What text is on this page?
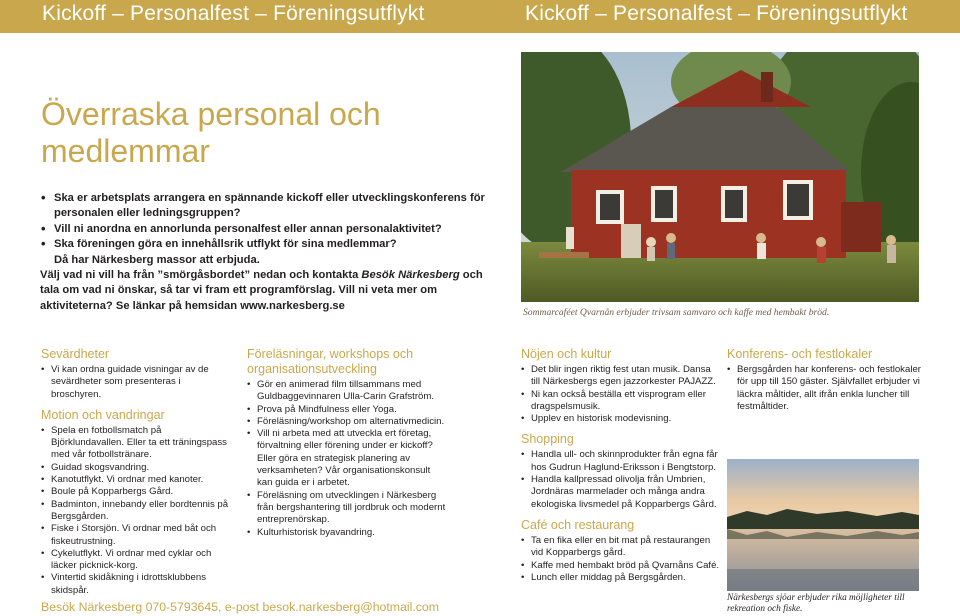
Kickoff – Personalfest – Föreningsutflykt	Kickoff – Personalfest – Föreningsutflykt
Överraska personal och medlemmar
• Ska er arbetsplats arrangera en spännande kickoff eller utvecklingskonferens för personalen eller ledningsgruppen?
• Vill ni anordna en annorlunda personalfest eller annan personalaktivitet?
• Ska föreningen göra en innehållsrik utflykt för sina medlemmar?
Då har Närkesberg massor att erbjuda.
Välj vad ni vill ha från ”smörgåsbordet” nedan och kontakta Besök Närkesberg och tala om vad ni önskar, så tar vi fram ett programförslag. Vill ni veta mer om aktiviteterna? Se länkar på hemsidan www.narkesberg.se
Sommarcaféet Qvarnån erbjuder trivsam samvaro och kaffe med hembakt bröd.
Sevärdheter
• Vi kan ordna guidade visningar av de sevärdheter som presenteras i broschyren.
Motion och vandringar
• Spela en fotbollsmatch på Björklundavallen. Eller ta ett träningspass med vår fotbollstränare.
• Guidad skogsvandring.
• Kanotutflykt. Vi ordnar med kanoter.
• Boule på Kopparbergs Gård.
• Badminton, innebandy eller bordtennis på Bergsgården.
• Fiske i Storsjön. Vi ordnar med båt och fiskeutrustning.
• Cykelutflykt. Vi ordnar med cyklar och läcker picknick-korg.
• Vintertid skidåkning i idrottsklubbens skidspår.
Föreläsningar, workshops och organisationsutveckling
• Gör en animerad film tillsammans med Guldbaggevinnaren Ulla-Carin Grafström.
• Prova på Mindfulness eller Yoga.
• Föreläsning/workshop om alternativmedicin.
• Vill ni arbeta med att utveckla ert företag, förvaltning eller förening under er kickoff? Eller göra en strategisk planering av verksamheten? Vår organisationskonsult kan guida er i arbetet.
• Föreläsning om utvecklingen i Närkesberg från bergshantering till jordbruk och modernt entreprenörskap.
• Kulturhistorisk byavandring.
Nöjen och kultur
• Det blir ingen riktig fest utan musik. Dansa till Närkesbergs egen jazzorkester PAJAZZ.
• Ni kan också beställa ett visprogram eller dragspelsmusik.
• Upplev en historisk modevisning.
Shopping
• Handla ull- och skinnprodukter från egna får hos Gudrun Haglund-Eriksson i Bengtstorp.
• Handla kallpressad olivolja från Umbrien, Jordnäras marmelader och många andra ekologiska livsmedel på Kopparbergs Gård.
Café och restaurang
• Ta en fika eller en bit mat på restaurangen vid Kopparbergs gård.
• Kaffe med hembakt bröd på Qvarnåns Café.
• Lunch eller middag på Bergsgården.
Konferens- och festlokaler
• Bergsgården har konferens- och festlokaler för upp till 150 gäster. Självfallet erbjuder vi läckra måltider, allt ifrån enkla luncher till festmåltider.
Närkesbergs sjöar erbjuder rika möjligheter till rekreation och fiske.
Besök Närkesberg 070-5793645, e-post besok.narkesberg@hotmail.com
